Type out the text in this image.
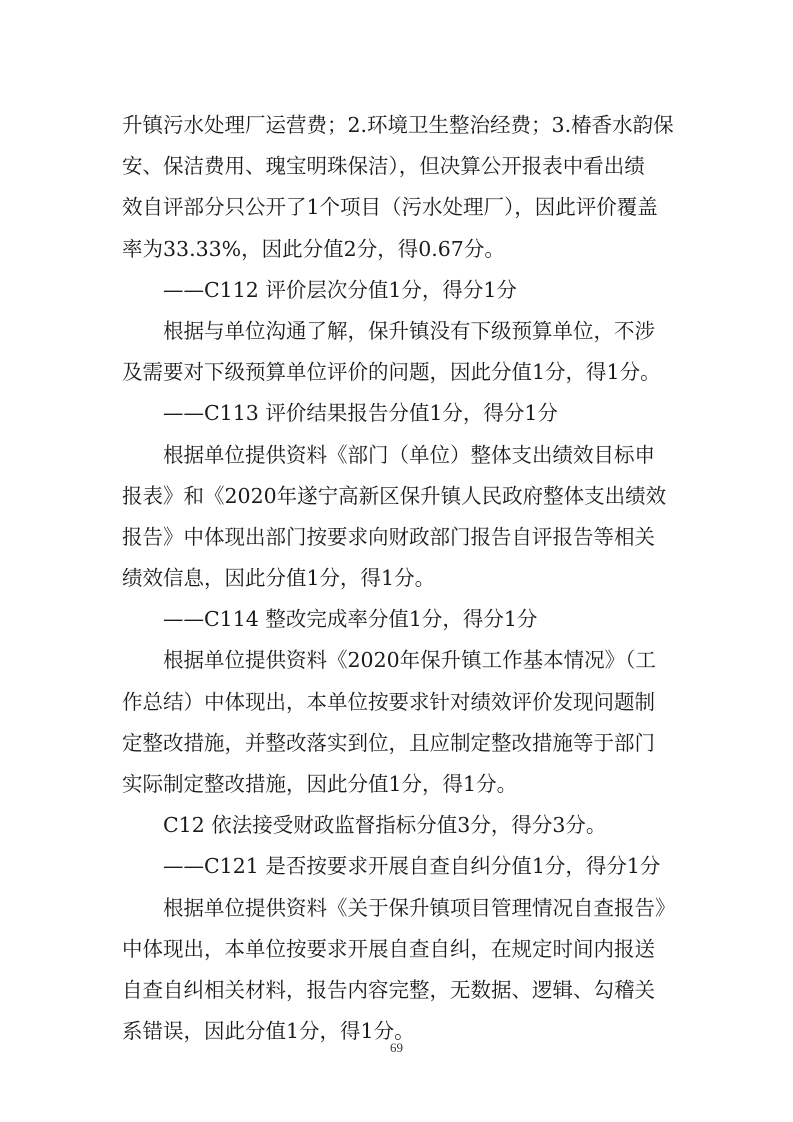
升镇污水处理厂运营费；2.环境卫生整治经费；3.椿香水韵保

安、保洁费用、瑰宝明珠保洁），但决算公开报表中看出绩

效自评部分只公开了1个项目（污水处理厂），因此评价覆盖

率为33.33%，因此分值2分，得0.67分。

——C112 评价层次分值1分，得分1分

根据与单位沟通了解，保升镇没有下级预算单位，不涉

及需要对下级预算单位评价的问题，因此分值1分，得1分。

——C113 评价结果报告分值1分，得分1分

根据单位提供资料《部门（单位）整体支出绩效目标申

报表》和《2020年遂宁高新区保升镇人民政府整体支出绩效

报告》中体现出部门按要求向财政部门报告自评报告等相关

绩效信息，因此分值1分，得1分。

——C114 整改完成率分值1分，得分1分

根据单位提供资料《2020年保升镇工作基本情况》（工

作总结）中体现出，本单位按要求针对绩效评价发现问题制

定整改措施，并整改落实到位，且应制定整改措施等于部门

实际制定整改措施，因此分值1分，得1分。

C12 依法接受财政监督指标分值3分，得分3分。

——C121 是否按要求开展自查自纠分值1分，得分1分

根据单位提供资料《关于保升镇项目管理情况自查报告》

中体现出，本单位按要求开展自查自纠，在规定时间内报送

自查自纠相关材料，报告内容完整，无数据、逻辑、勾稽关

系错误，因此分值1分，得1分。

69
